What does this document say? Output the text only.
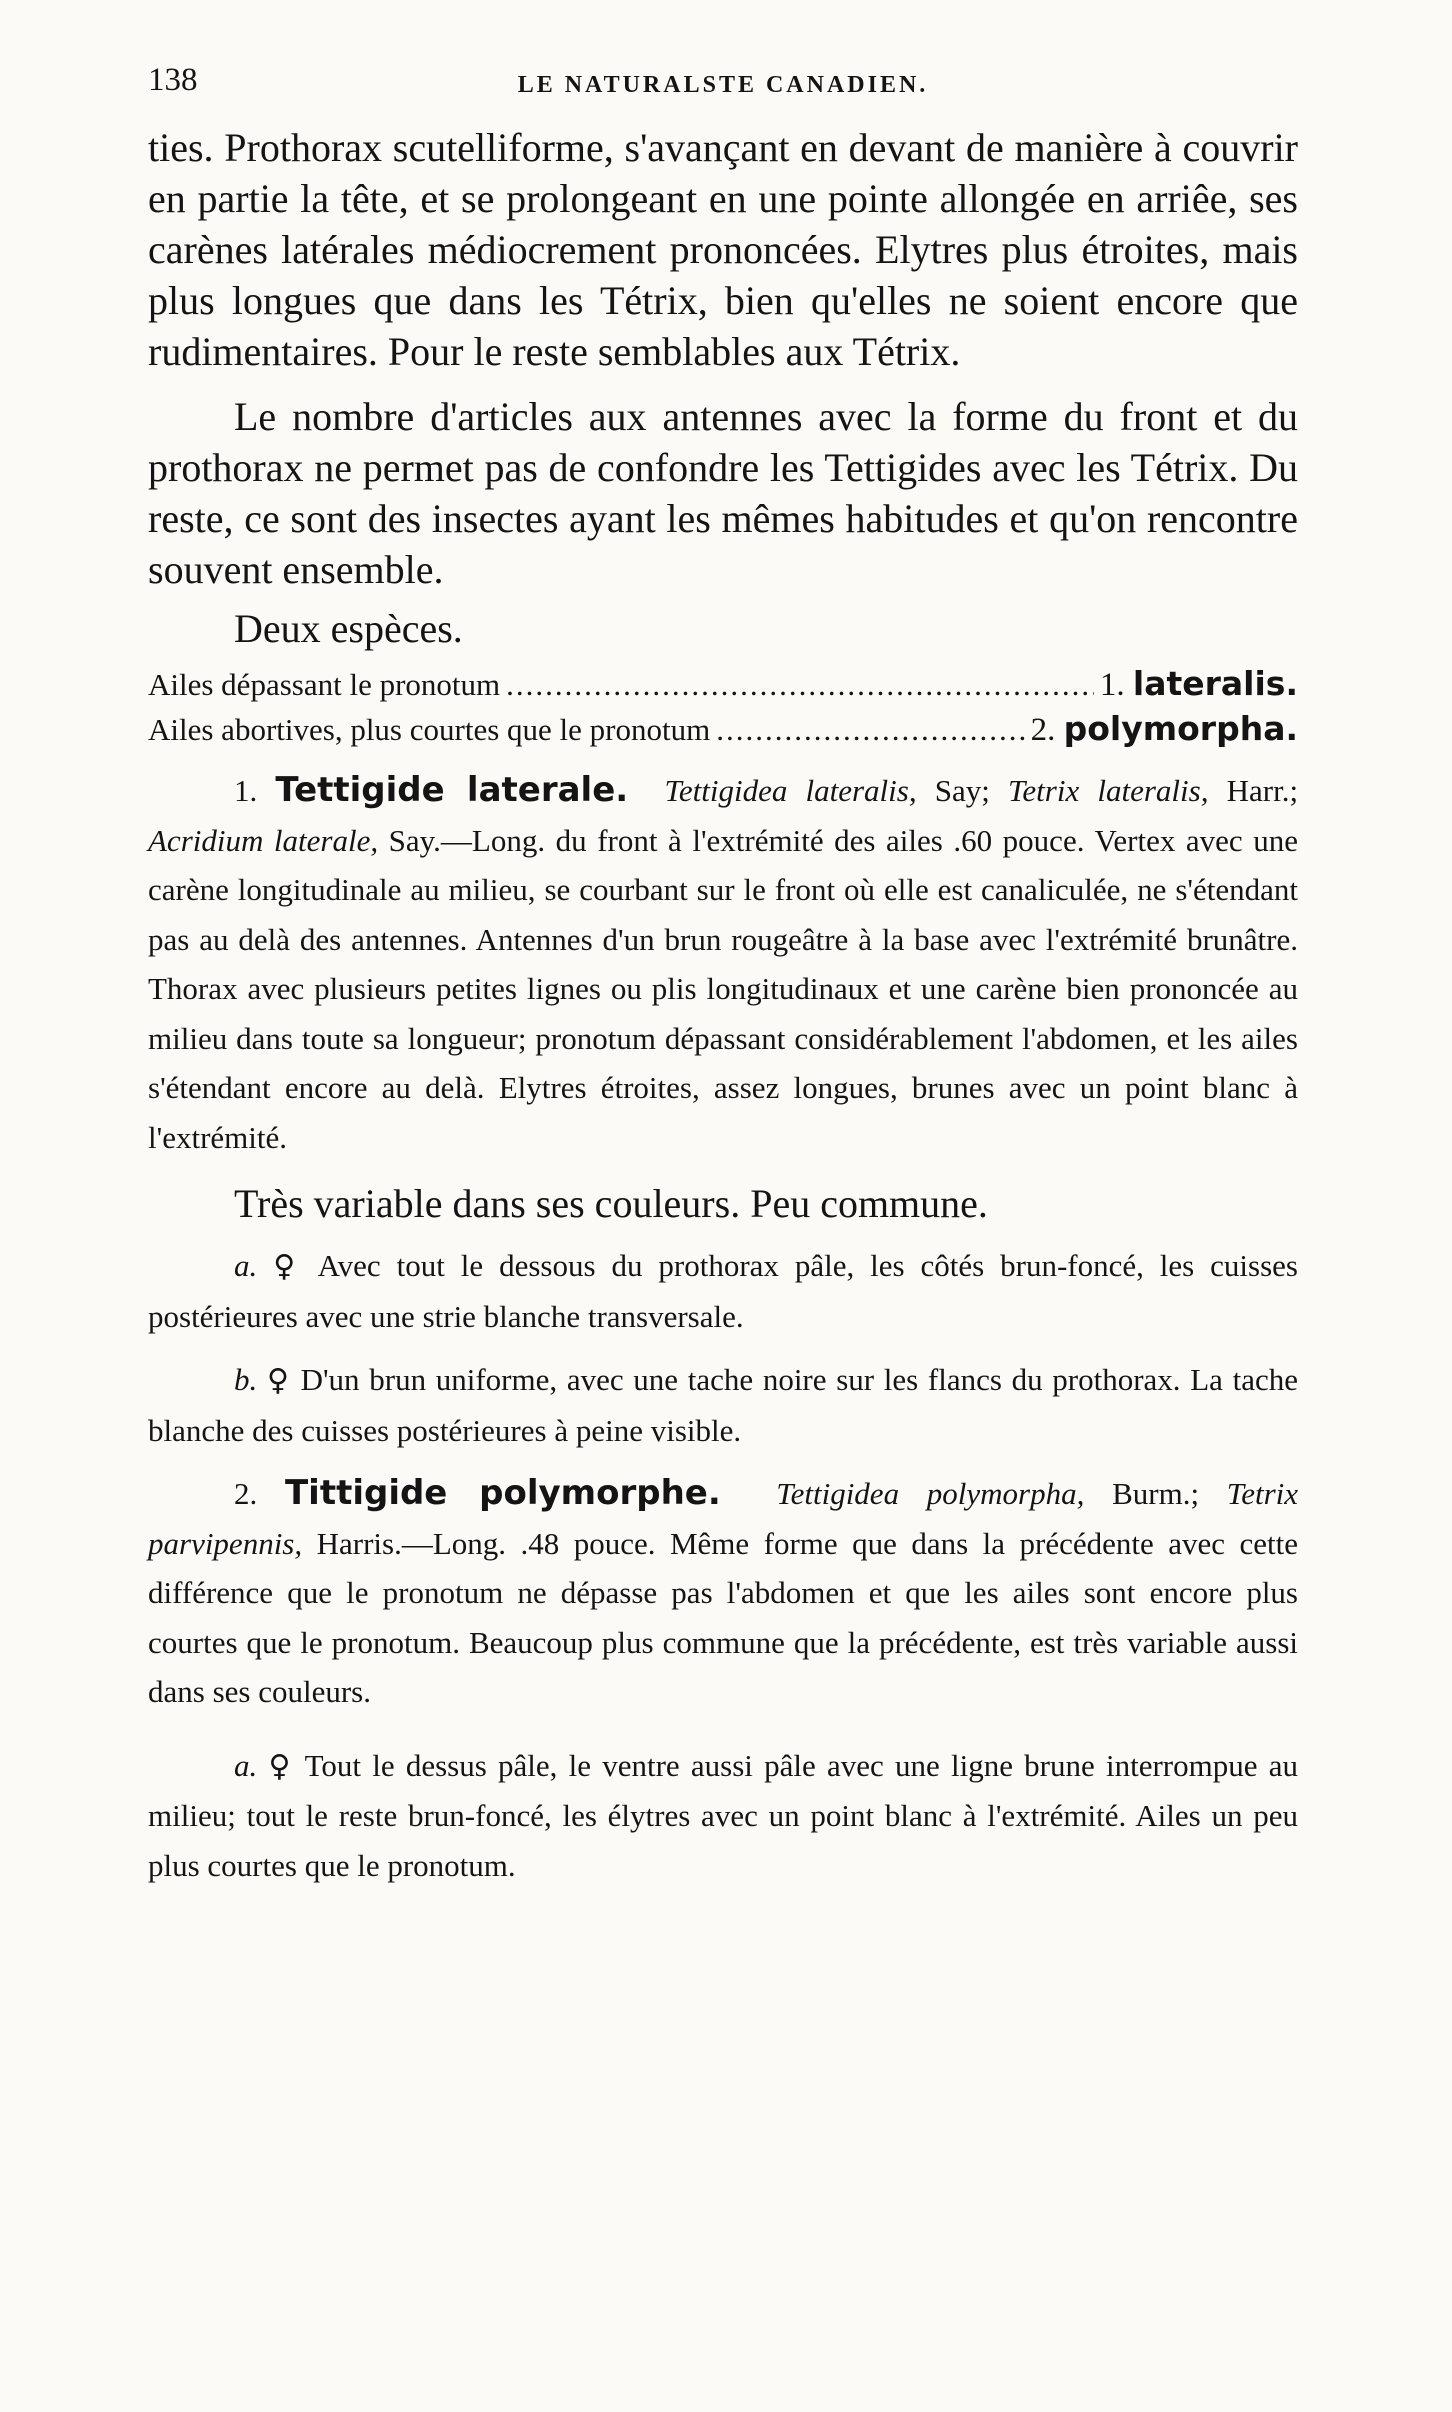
138	LE NATURALSTE CANADIEN.

ties. Prothorax scutelliforme, s'avançant en devant de manière à couvrir en partie la tête, et se prolongeant en une pointe allongée en arriêe, ses carènes latérales médiocrement prononcées. Elytres plus étroites, mais plus longues que dans les Tétrix, bien qu'elles ne soient encore que rudimentaires. Pour le reste semblables aux Tétrix.

Le nombre d'articles aux antennes avec la forme du front et du prothorax ne permet pas de confondre les Tettigides avec les Tétrix. Du reste, ce sont des insectes ayant les mêmes habitudes et qu'on rencontre souvent ensemble.

Deux espèces.
Ailes dépassant le pronotum .....	1. lateralis.
Ailes abortives, plus courtes que le pronotum .....	2. polymorpha.

1. Tettigide laterale. Tettigidea lateralis, Say; Tetrix lateralis, Harr.; Acridium laterale, Say.—Long. du front à l'extrémité des ailes .60 pouce. Vertex avec une carène longitudinale au milieu, se courbant sur le front où elle est canaliculée, ne s'étendant pas au delà des antennes. Antennes d'un brun rougeâtre à la base avec l'extrémité brunâtre. Thorax avec plusieurs petites lignes ou plis longitudinaux et une carène bien prononcée au milieu dans toute sa longueur; pronotum dépassant considérablement l'abdomen, et les ailes s'étendant encore au delà. Elytres étroites, assez longues, brunes avec un point blanc à l'extrémité.

Très variable dans ses couleurs. Peu commune.

a. ♀ Avec tout le dessous du prothorax pâle, les côtés brun-foncé, les cuisses postérieures avec une strie blanche transversale.

b. ♀ D'un brun uniforme, avec une tache noire sur les flancs du prothorax. La tache blanche des cuisses postérieures à peine visible.

2. Tittigide polymorphe. Tettigidea polymorpha, Burm.; Tetrix parvipennis, Harris.—Long. .48 pouce. Même forme que dans la précédente avec cette différence que le pronotum ne dépasse pas l'abdomen et que les ailes sont encore plus courtes que le pronotum. Beaucoup plus commune que la précédente, est très variable aussi dans ses couleurs.

a. ♀ Tout le dessus pâle, le ventre aussi pâle avec une ligne brune interrompue au milieu; tout le reste brun-foncé, les élytres avec un point blanc à l'extrémité. Ailes un peu plus courtes que le pronotum.
